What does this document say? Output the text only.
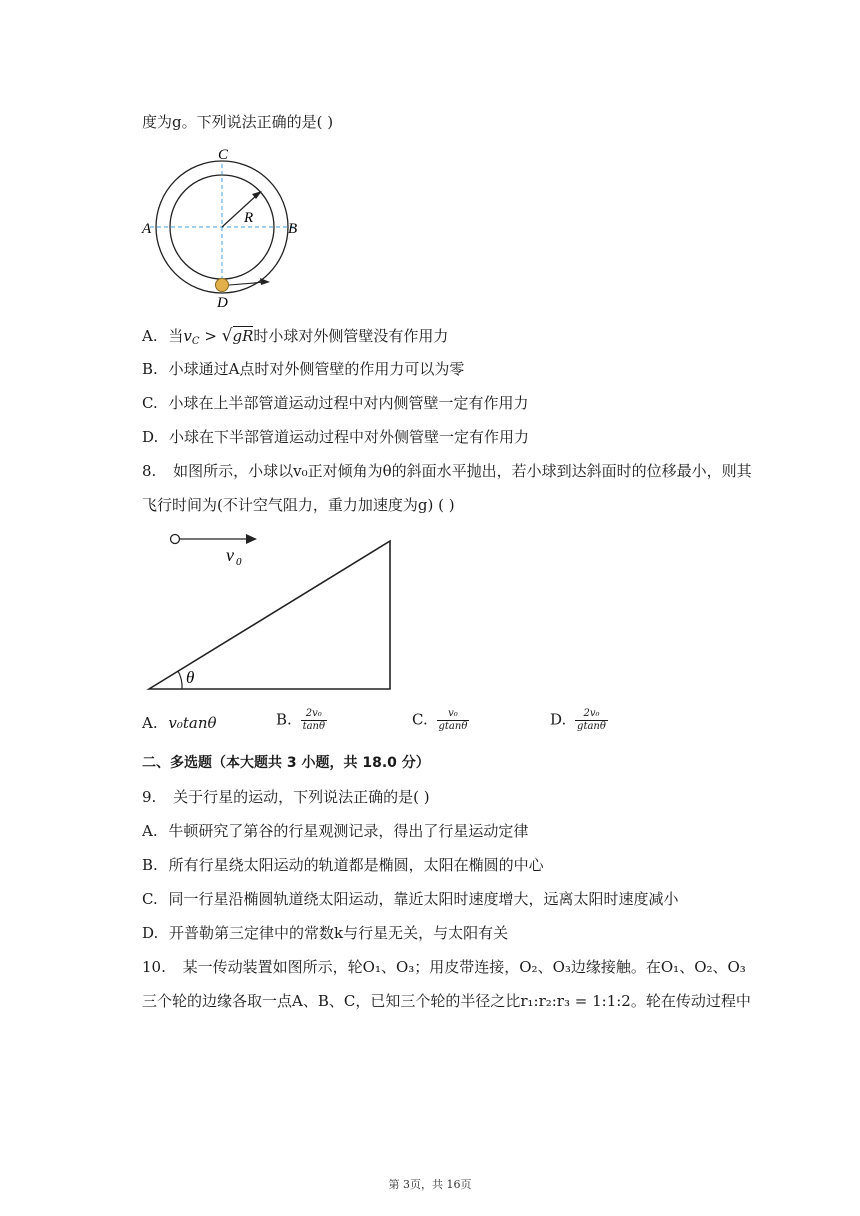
度为g。下列说法正确的是( )
C
A	B
D
R
A. 当$v_C > √gR$时小球对外侧管壁没有作用力
B. 小球通过A点时对外侧管壁的作用力可以为零
C. 小球在上半部管道运动过程中对内侧管壁一定有作用力
D. 小球在下半部管道运动过程中对外侧管壁一定有作用力
8. 如图所示，小球以v₀正对倾角为θ的斜面水平抛出，若小球到达斜面时的位移最小，则其
飞行时间为(不计空气阻力，重力加速度为g) ( )
v 0
θ
A. v₀tanθ	B. $\frac{\text{2v₀}}{\tan\theta}$	C. $\frac{\text{v₀}}{gtan\theta}$	D. $\frac{\text{2v₀}}{gtan\theta}$
二、多选题（本大题共 3 小题，共 18.0 分）
9. 关于行星的运动，下列说法正确的是( )
A. 牛顿研究了第谷的行星观测记录，得出了行星运动定律
B. 所有行星绕太阳运动的轨道都是椭圆，太阳在椭圆的中心
C. 同一行星沿椭圆轨道绕太阳运动，靠近太阳时速度增大，远离太阳时速度减小
D. 开普勒第三定律中的常数k与行星无关，与太阳有关
10. 某一传动装置如图所示，轮O₁、O₃；用皮带连接，O₂、O₃边缘接触。在O₁、O₂、O₃
三个轮的边缘各取一点A、B、C，已知三个轮的半径之比r₁:r₂:r₃ = 1:1:2。轮在传动过程中
第 3页，共 16页
